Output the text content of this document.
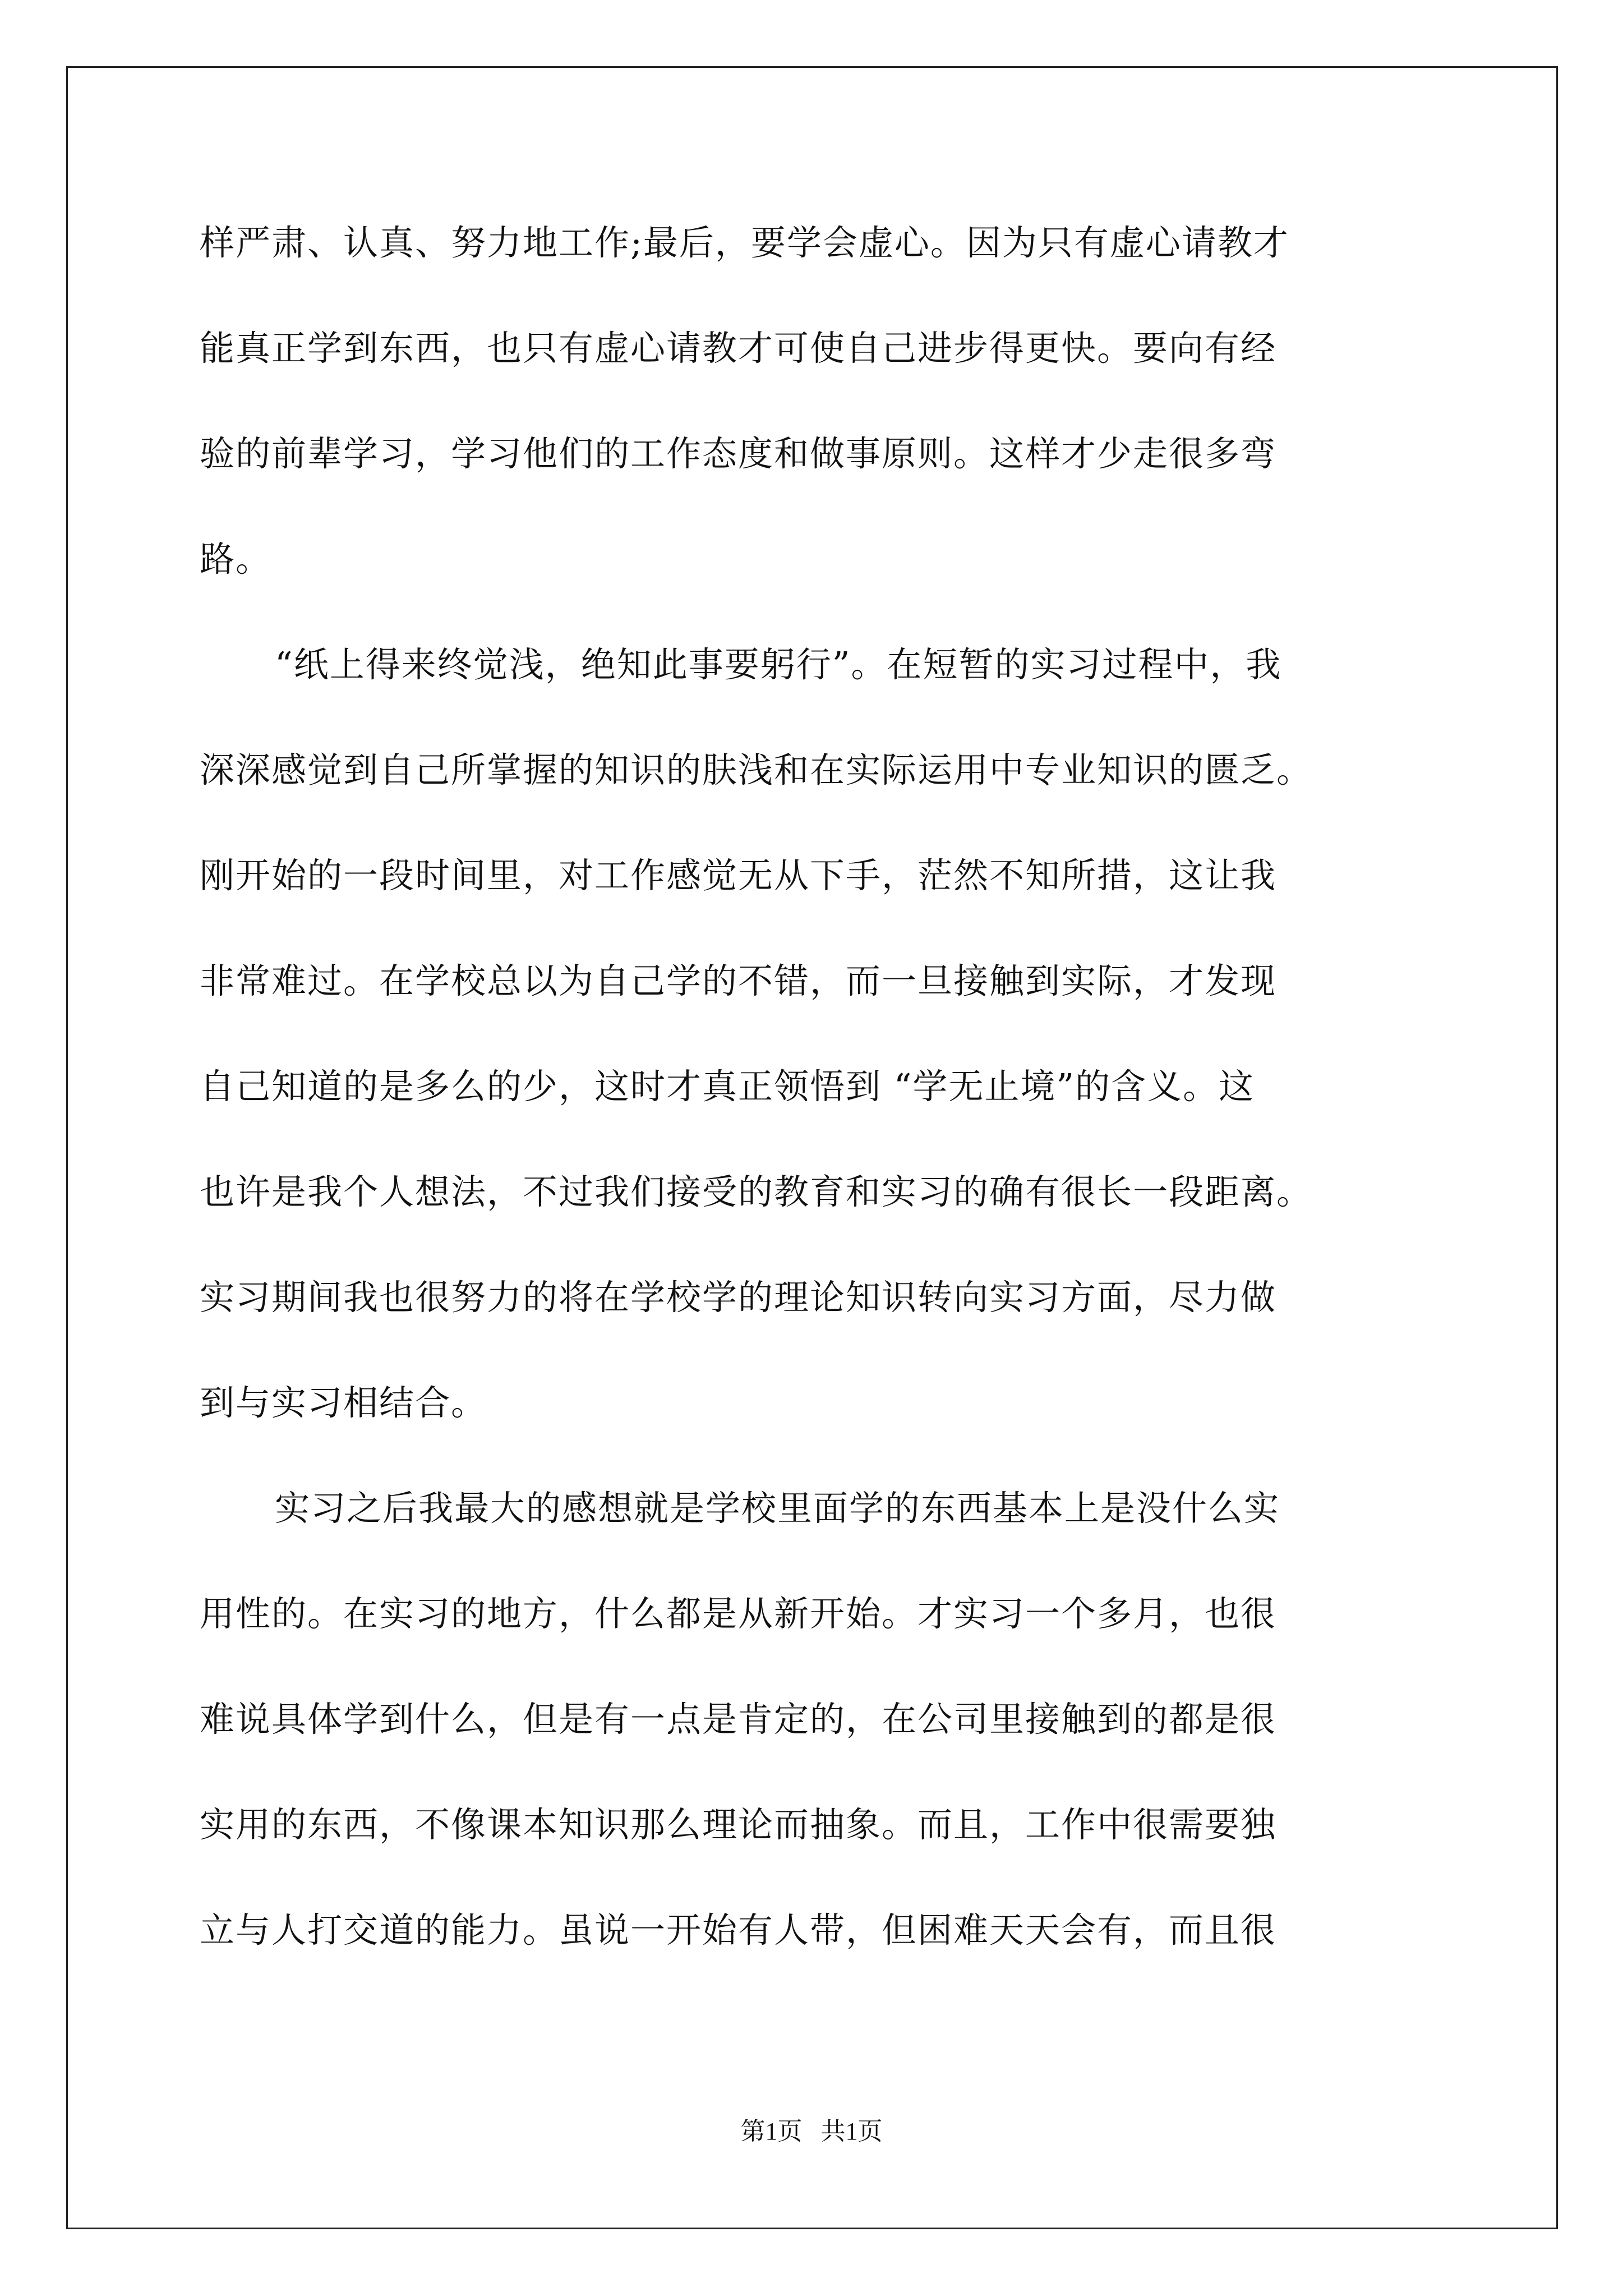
样严肃、认真、努力地工作;最后，要学会虚心。因为只有虚心请教才
能真正学到东西，也只有虚心请教才可使自己进步得更快。要向有经
验的前辈学习，学习他们的工作态度和做事原则。这样才少走很多弯
路。
“纸上得来终觉浅，绝知此事要躬行”。在短暂的实习过程中，我
深深感觉到自己所掌握的知识的肤浅和在实际运用中专业知识的匮乏。
刚开始的一段时间里，对工作感觉无从下手，茫然不知所措，这让我
非常难过。在学校总以为自己学的不错，而一旦接触到实际，才发现
自己知道的是多么的少，这时才真正领悟到 “学无止境”的含义。这
也许是我个人想法，不过我们接受的教育和实习的确有很长一段距离。
实习期间我也很努力的将在学校学的理论知识转向实习方面，尽力做
到与实习相结合。
实习之后我最大的感想就是学校里面学的东西基本上是没什么实
用性的。在实习的地方，什么都是从新开始。才实习一个多月，也很
难说具体学到什么，但是有一点是肯定的，在公司里接触到的都是很
实用的东西，不像课本知识那么理论而抽象。而且，工作中很需要独
立与人打交道的能力。虽说一开始有人带，但困难天天会有，而且很
第1页   共1页
